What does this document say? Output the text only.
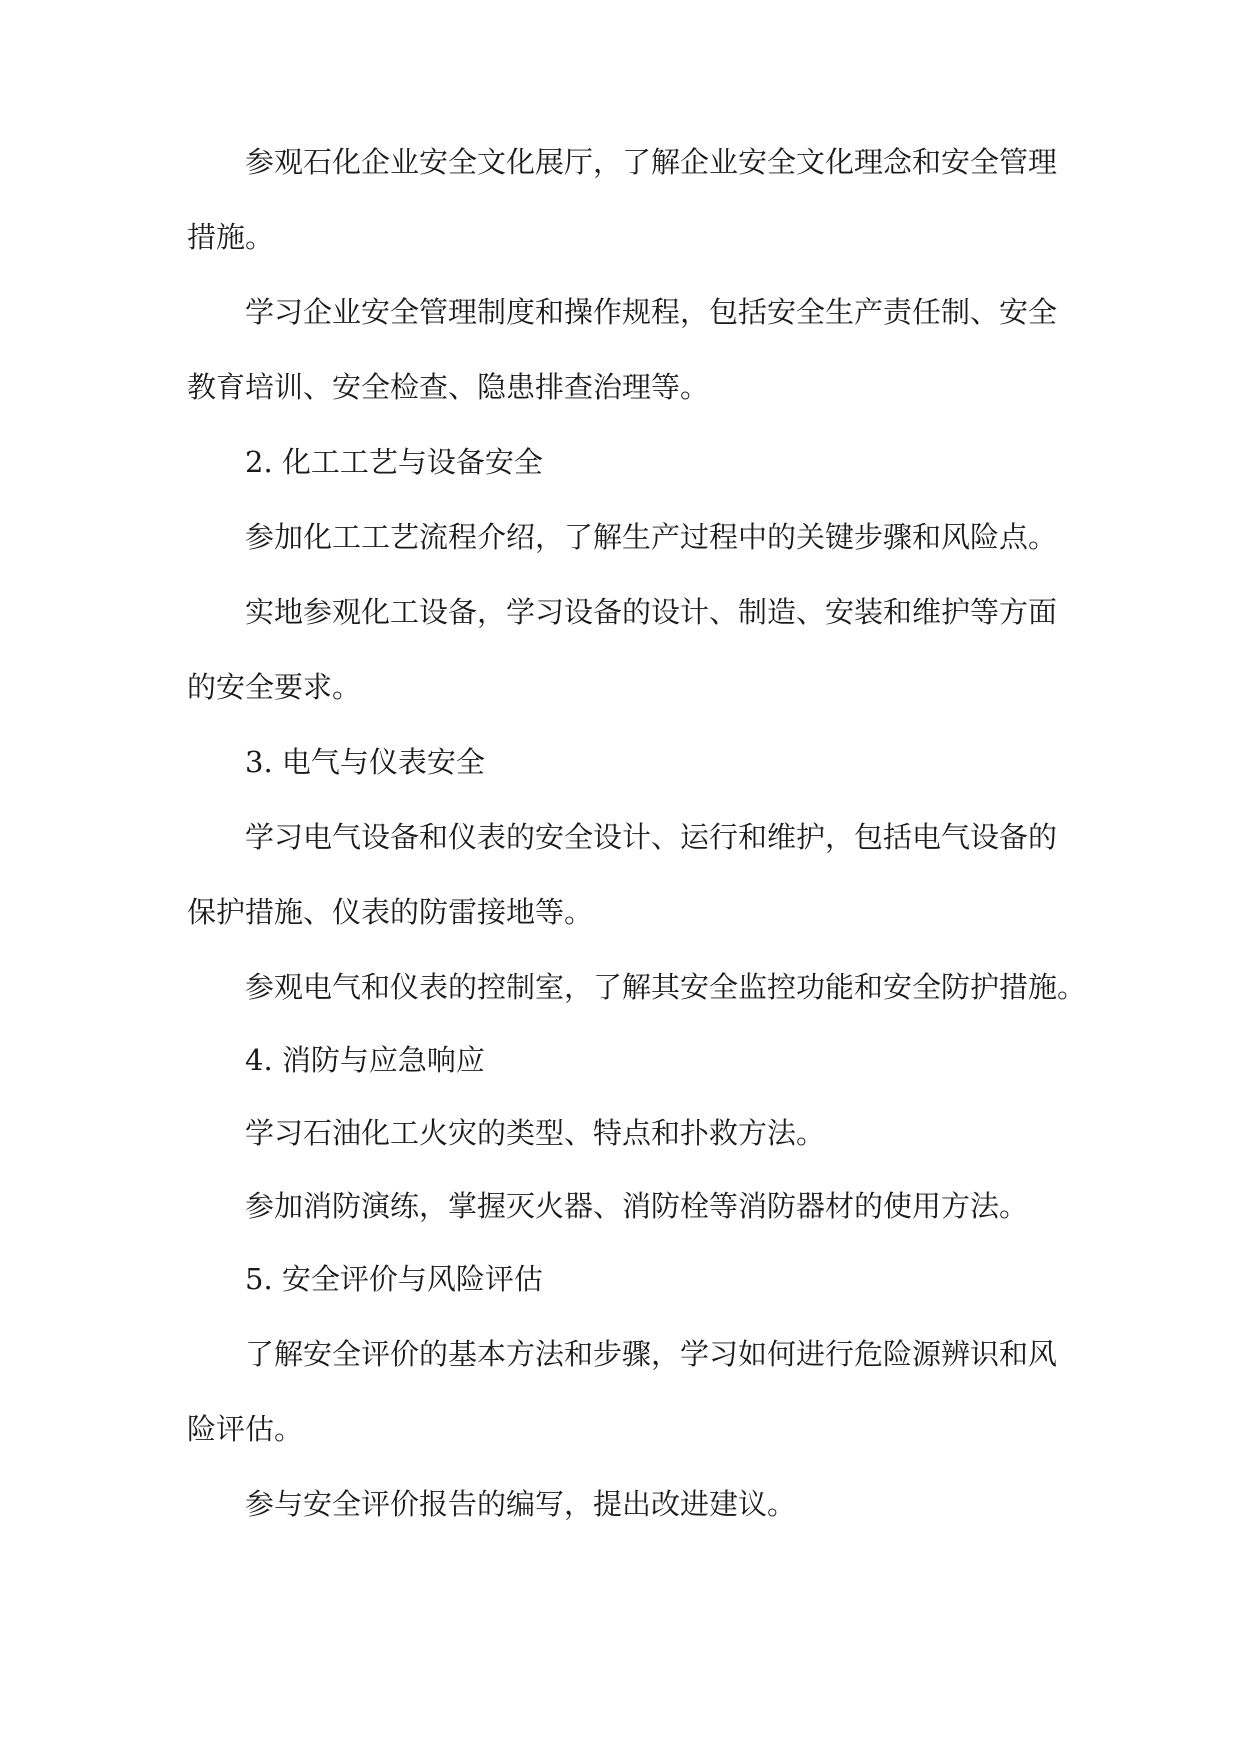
参观石化企业安全文化展厅，了解企业安全文化理念和安全管理

措施。

学习企业安全管理制度和操作规程，包括安全生产责任制、安全

教育培训、安全检查、隐患排查治理等。

2. 化工工艺与设备安全

参加化工工艺流程介绍，了解生产过程中的关键步骤和风险点。

实地参观化工设备，学习设备的设计、制造、安装和维护等方面

的安全要求。

3. 电气与仪表安全

学习电气设备和仪表的安全设计、运行和维护，包括电气设备的

保护措施、仪表的防雷接地等。

参观电气和仪表的控制室，了解其安全监控功能和安全防护措施。

4. 消防与应急响应

学习石油化工火灾的类型、特点和扑救方法。

参加消防演练，掌握灭火器、消防栓等消防器材的使用方法。

5. 安全评价与风险评估

了解安全评价的基本方法和步骤，学习如何进行危险源辨识和风

险评估。

参与安全评价报告的编写，提出改进建议。
